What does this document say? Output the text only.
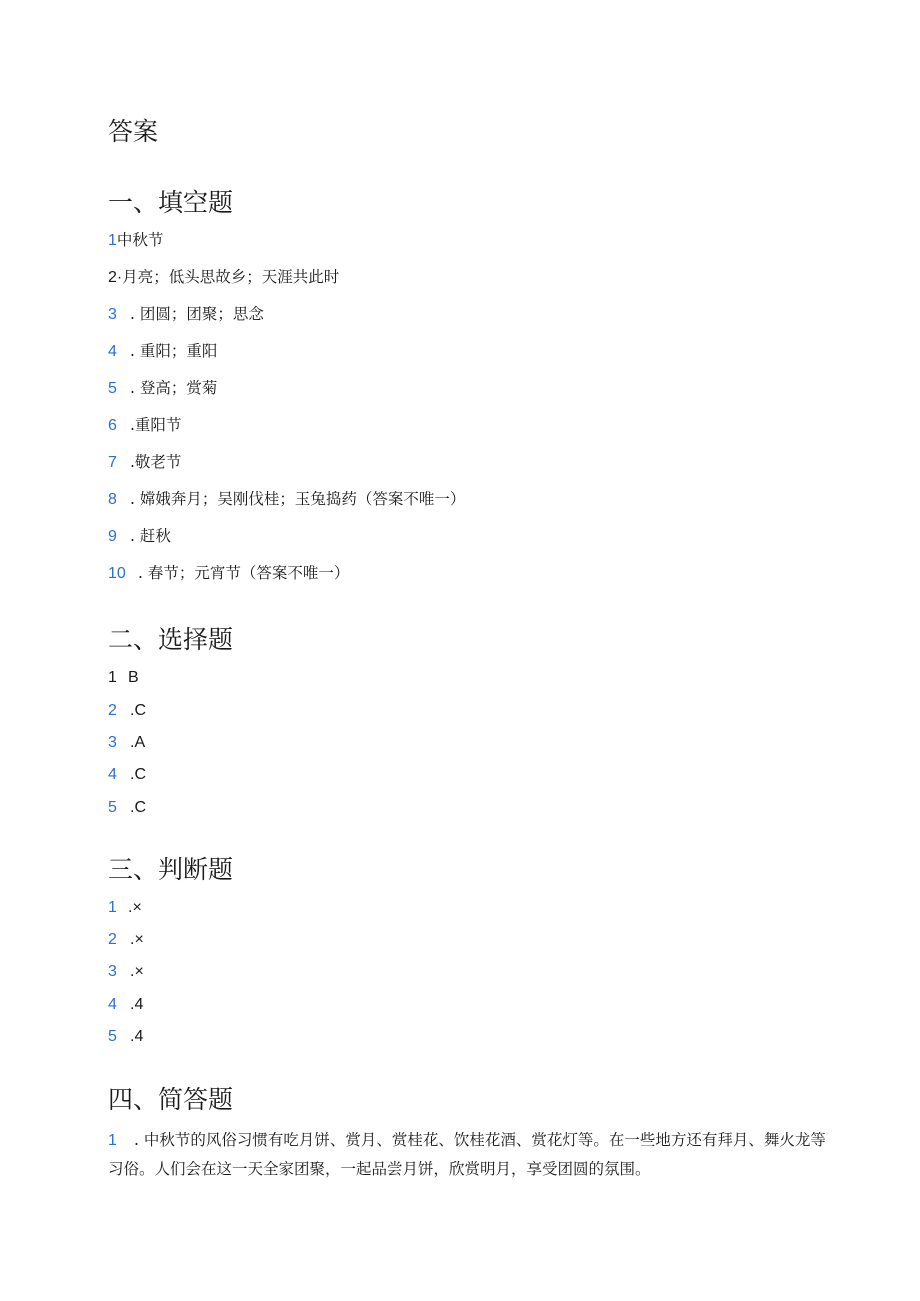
答案
一、填空题
1中秋节
2·月亮；低头思故乡；天涯共此时
3 . 团圆；团聚；思念
4 . 重阳；重阳
5 . 登高；赏菊
6 .重阳节
7 .敬老节
8 . 嫦娥奔月；吴刚伐桂；玉兔捣药（答案不唯一）
9 . 赶秋
10 . 春节；元宵节（答案不唯一）
二、选择题
1 B
2 .C
3 .A
4 .C
5 .C
三、判断题
1 .×
2 .×
3 .×
4 .4
5 .4
四、简答题
1 . 中秋节的风俗习惯有吃月饼、赏月、赏桂花、饮桂花酒、赏花灯等。在一些地方还有拜月、舞火龙等习俗。人们会在这一天全家团聚，一起品尝月饼，欣赏明月，享受团圆的氛围。
